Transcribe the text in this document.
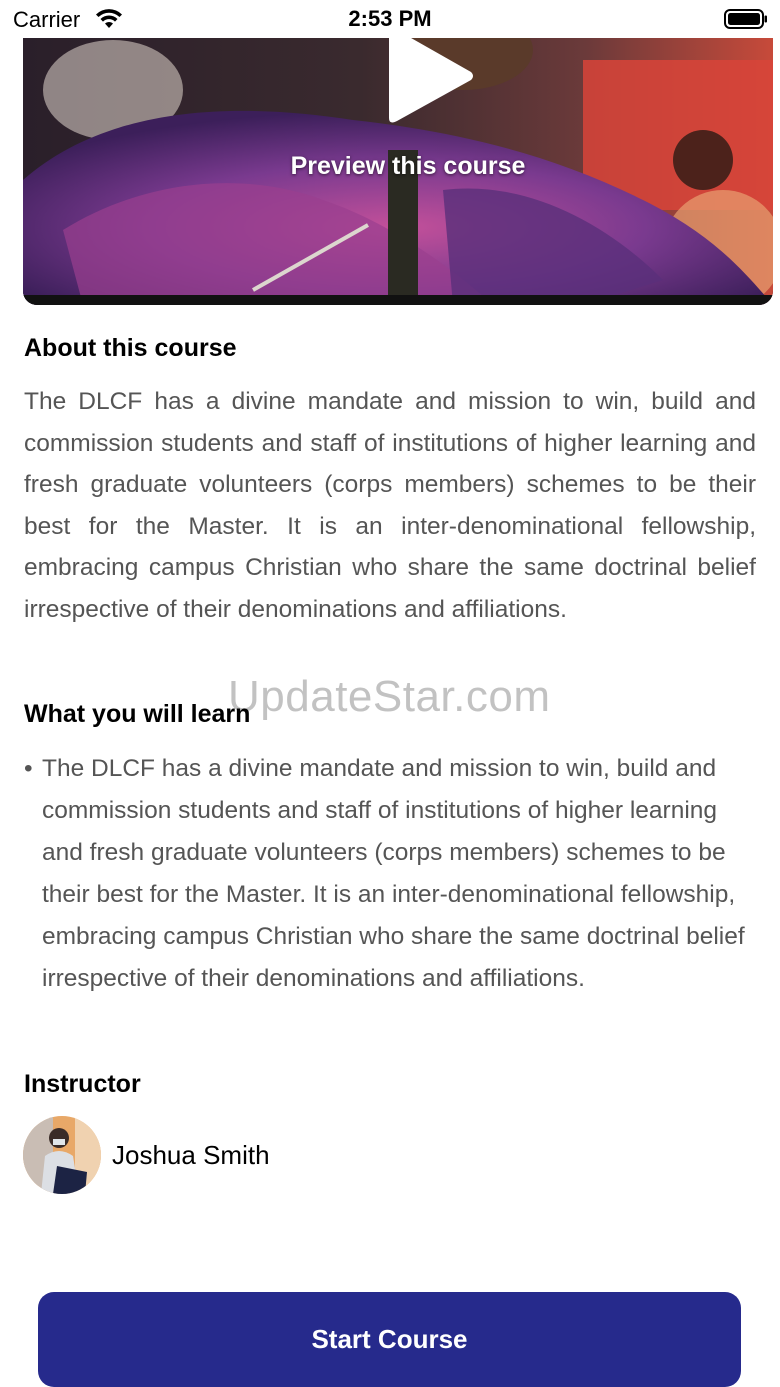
Carrier	2:53 PM
Preview this course
About this course

The DLCF has a divine mandate and mission to win, build and commission students and staff of institutions of higher learning and fresh graduate volunteers (corps members) schemes to be their best for the Master. It is an inter-denominational fellowship, embracing campus Christian who share the same doctrinal belief irrespective of their denominations and affiliations.

UpdateStar.com
What you will learn
• The DLCF has a divine mandate and mission to win, build and commission students and staff of institutions of higher learning and fresh graduate volunteers (corps members) schemes to be their best for the Master. It is an inter-denominational fellowship, embracing campus Christian who share the same doctrinal belief irrespective of their denominations and affiliations.
Instructor
Joshua Smith
Start Course
